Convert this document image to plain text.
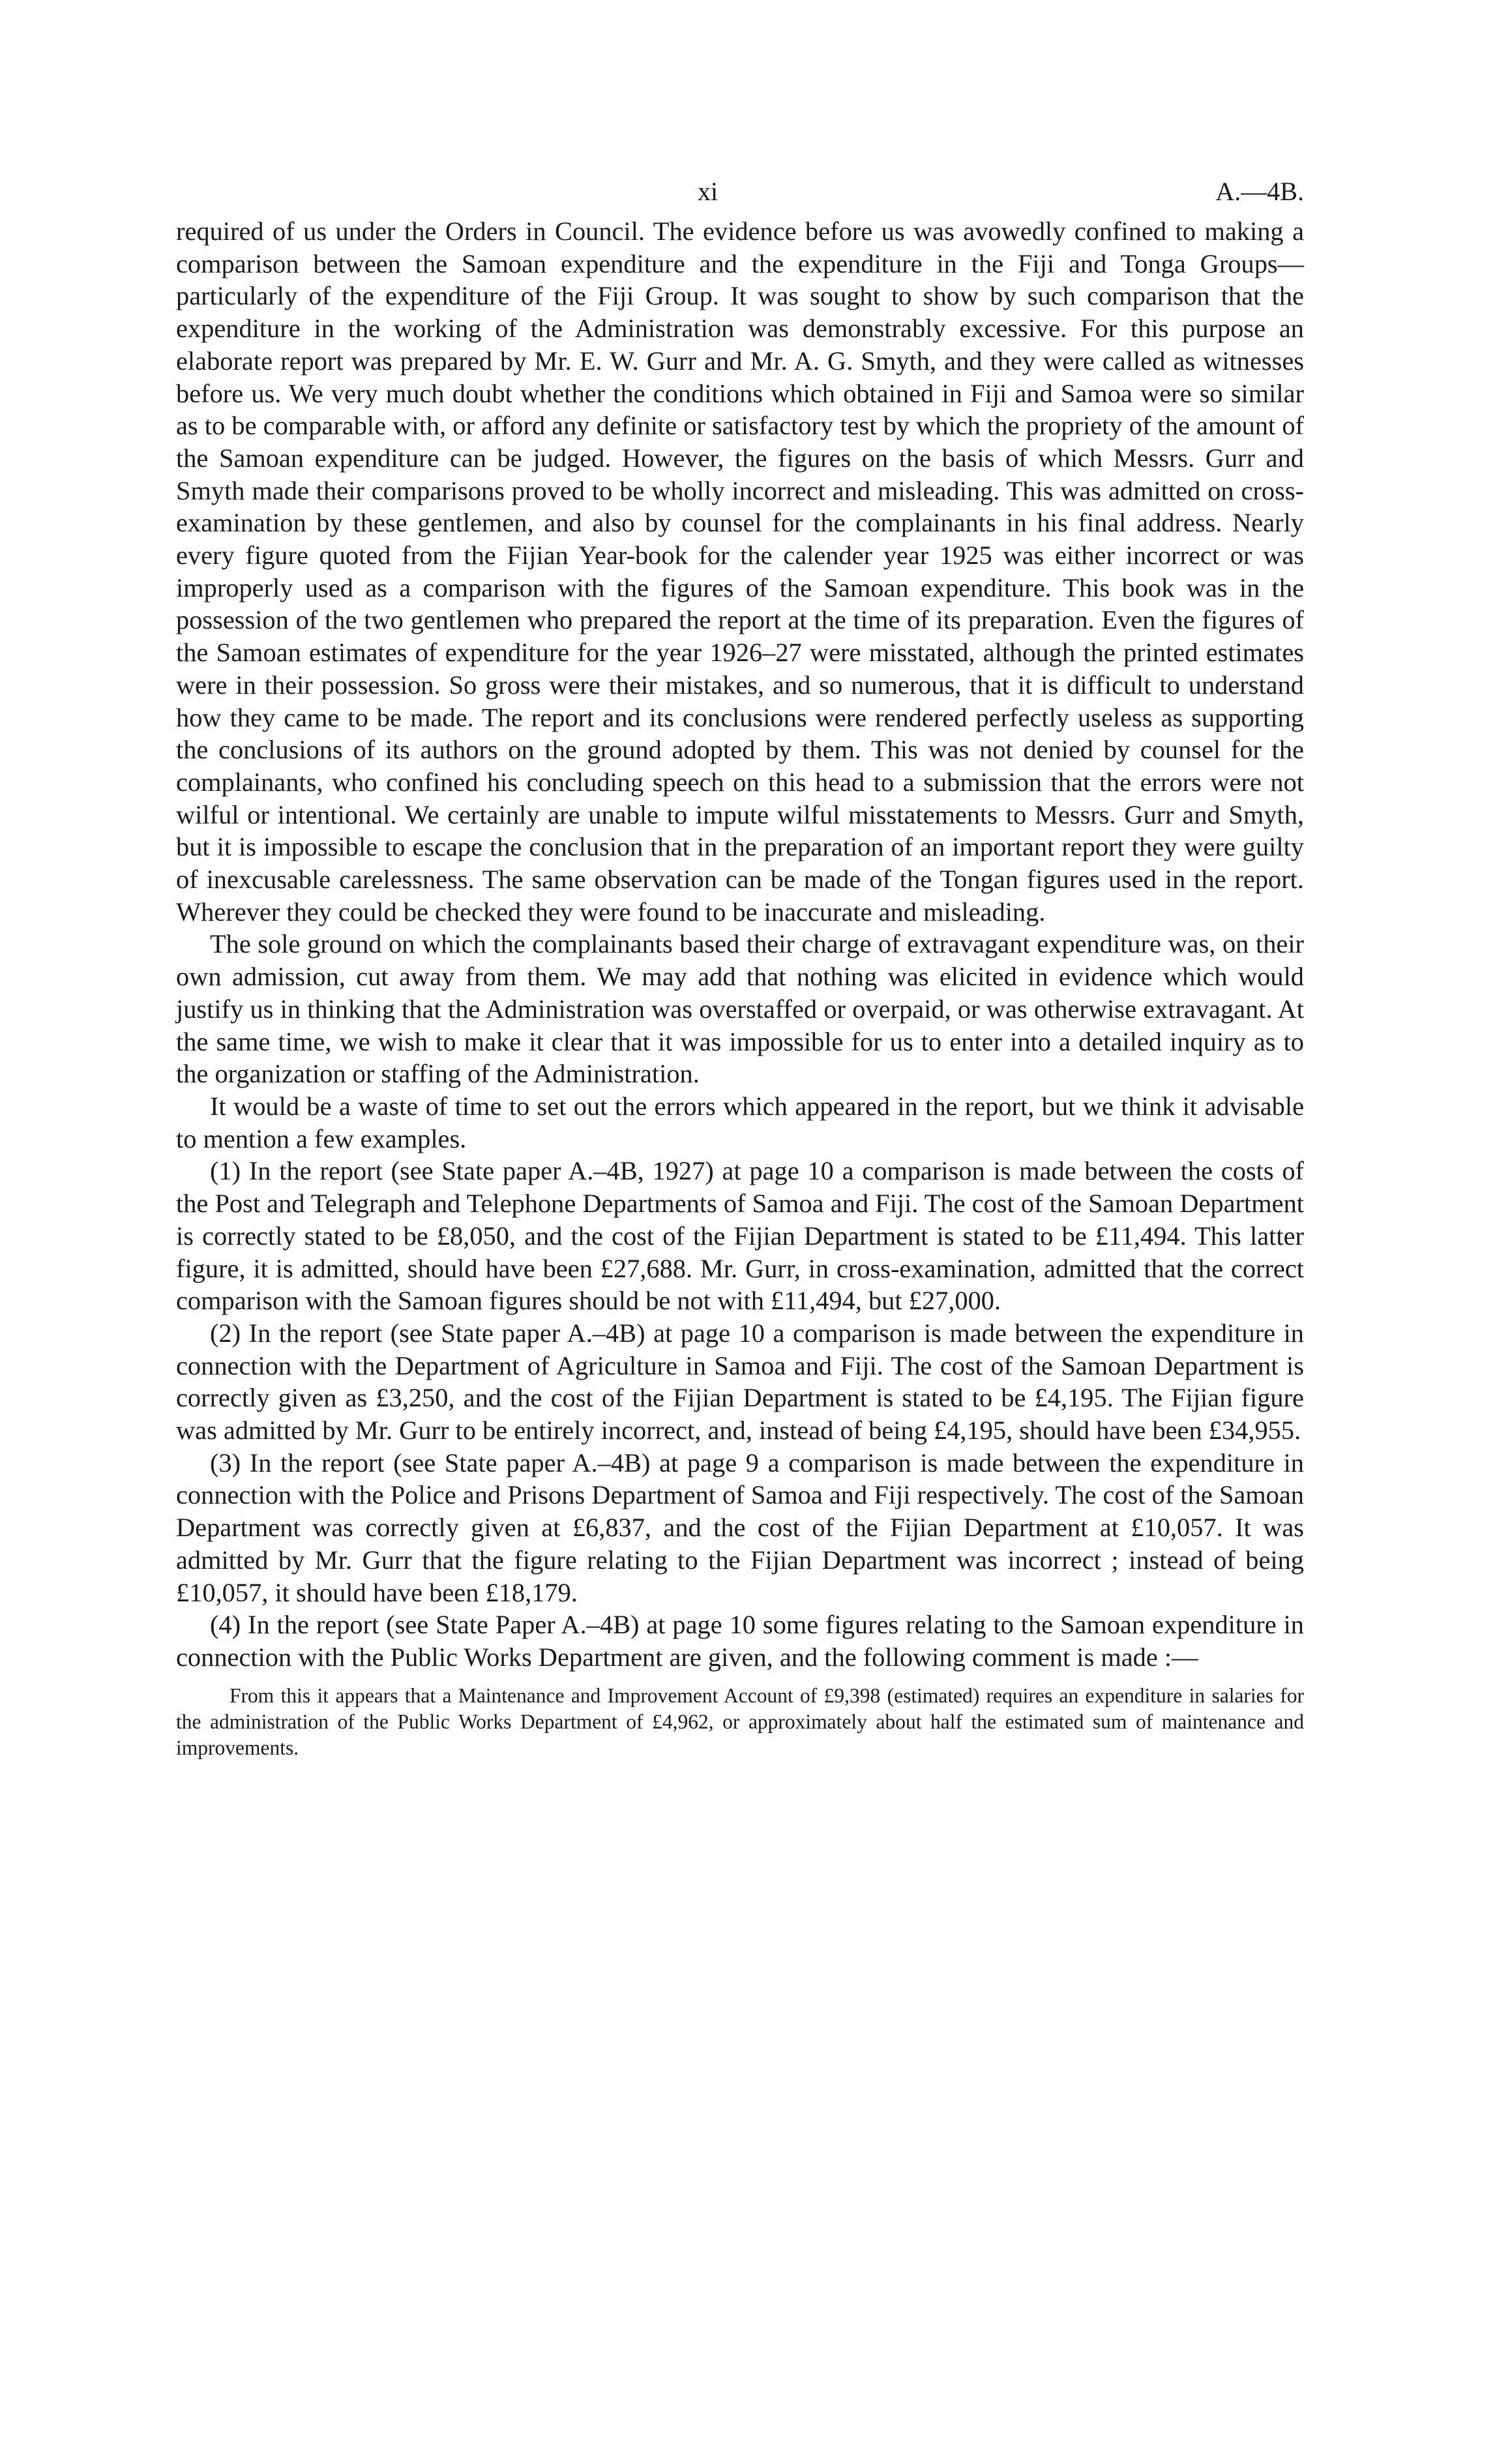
xi	A.—4B.

required of us under the Orders in Council. The evidence before us was avowedly confined to making a comparison between the Samoan expenditure and the expenditure in the Fiji and Tonga Groups—particularly of the expenditure of the Fiji Group. It was sought to show by such comparison that the expenditure in the working of the Administration was demonstrably excessive. For this purpose an elaborate report was prepared by Mr. E. W. Gurr and Mr. A. G. Smyth, and they were called as witnesses before us. We very much doubt whether the conditions which obtained in Fiji and Samoa were so similar as to be comparable with, or afford any definite or satisfactory test by which the propriety of the amount of the Samoan expenditure can be judged. However, the figures on the basis of which Messrs. Gurr and Smyth made their comparisons proved to be wholly incorrect and misleading. This was admitted on cross-examination by these gentlemen, and also by counsel for the complainants in his final address. Nearly every figure quoted from the Fijian Year-book for the calender year 1925 was either incorrect or was improperly used as a comparison with the figures of the Samoan expenditure. This book was in the possession of the two gentlemen who prepared the report at the time of its preparation. Even the figures of the Samoan estimates of expenditure for the year 1926–27 were misstated, although the printed estimates were in their possession. So gross were their mistakes, and so numerous, that it is difficult to understand how they came to be made. The report and its conclusions were rendered perfectly useless as supporting the conclusions of its authors on the ground adopted by them. This was not denied by counsel for the complainants, who confined his concluding speech on this head to a submission that the errors were not wilful or intentional. We certainly are unable to impute wilful misstatements to Messrs. Gurr and Smyth, but it is impossible to escape the conclusion that in the preparation of an important report they were guilty of inexcusable carelessness. The same observation can be made of the Tongan figures used in the report. Wherever they could be checked they were found to be inaccurate and misleading.

The sole ground on which the complainants based their charge of extravagant expenditure was, on their own admission, cut away from them. We may add that nothing was elicited in evidence which would justify us in thinking that the Administration was overstaffed or overpaid, or was otherwise extravagant. At the same time, we wish to make it clear that it was impossible for us to enter into a detailed inquiry as to the organization or staffing of the Administration.

It would be a waste of time to set out the errors which appeared in the report, but we think it advisable to mention a few examples.

(1) In the report (see State paper A.–4B, 1927) at page 10 a comparison is made between the costs of the Post and Telegraph and Telephone Departments of Samoa and Fiji. The cost of the Samoan Department is correctly stated to be £8,050, and the cost of the Fijian Department is stated to be £11,494. This latter figure, it is admitted, should have been £27,688. Mr. Gurr, in cross-examination, admitted that the correct comparison with the Samoan figures should be not with £11,494, but £27,000.

(2) In the report (see State paper A.–4B) at page 10 a comparison is made between the expenditure in connection with the Department of Agriculture in Samoa and Fiji. The cost of the Samoan Department is correctly given as £3,250, and the cost of the Fijian Department is stated to be £4,195. The Fijian figure was admitted by Mr. Gurr to be entirely incorrect, and, instead of being £4,195, should have been £34,955.

(3) In the report (see State paper A.–4B) at page 9 a comparison is made between the expenditure in connection with the Police and Prisons Department of Samoa and Fiji respectively. The cost of the Samoan Department was correctly given at £6,837, and the cost of the Fijian Department at £10,057. It was admitted by Mr. Gurr that the figure relating to the Fijian Department was incorrect ; instead of being £10,057, it should have been £18,179.

(4) In the report (see State Paper A.–4B) at page 10 some figures relating to the Samoan expenditure in connection with the Public Works Department are given, and the following comment is made :—

From this it appears that a Maintenance and Improvement Account of £9,398 (estimated) requires an expenditure in salaries for the administration of the Public Works Department of £4,962, or approximately about half the estimated sum of maintenance and improvements.
